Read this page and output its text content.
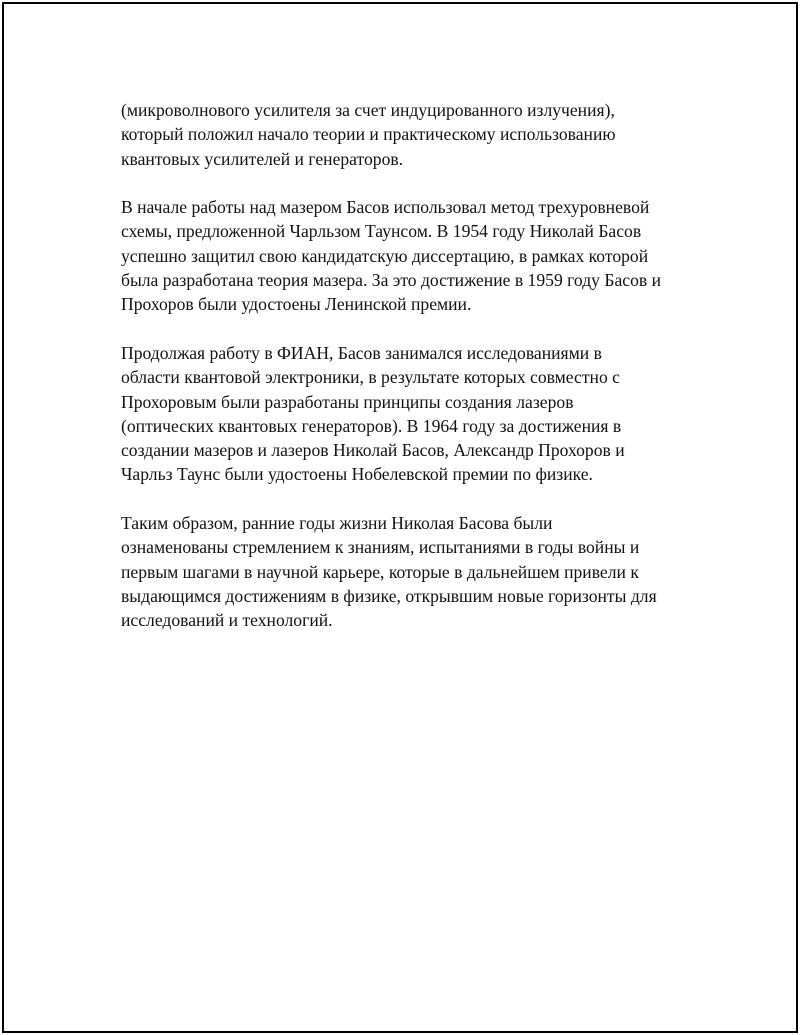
(микроволнового усилителя за счет индуцированного излучения),
который положил начало теории и практическому использованию
квантовых усилителей и генераторов.

В начале работы над мазером Басов использовал метод трехуровневой
схемы, предложенной Чарльзом Таунсом. В 1954 году Николай Басов
успешно защитил свою кандидатскую диссертацию, в рамках которой
была разработана теория мазера. За это достижение в 1959 году Басов и
Прохоров были удостоены Ленинской премии.

Продолжая работу в ФИАН, Басов занимался исследованиями в
области квантовой электроники, в результате которых совместно с
Прохоровым были разработаны принципы создания лазеров
(оптических квантовых генераторов). В 1964 году за достижения в
создании мазеров и лазеров Николай Басов, Александр Прохоров и
Чарльз Таунс были удостоены Нобелевской премии по физике.

Таким образом, ранние годы жизни Николая Басова были
ознаменованы стремлением к знаниям, испытаниями в годы войны и
первым шагами в научной карьере, которые в дальнейшем привели к
выдающимся достижениям в физике, открывшим новые горизонты для
исследований и технологий.
